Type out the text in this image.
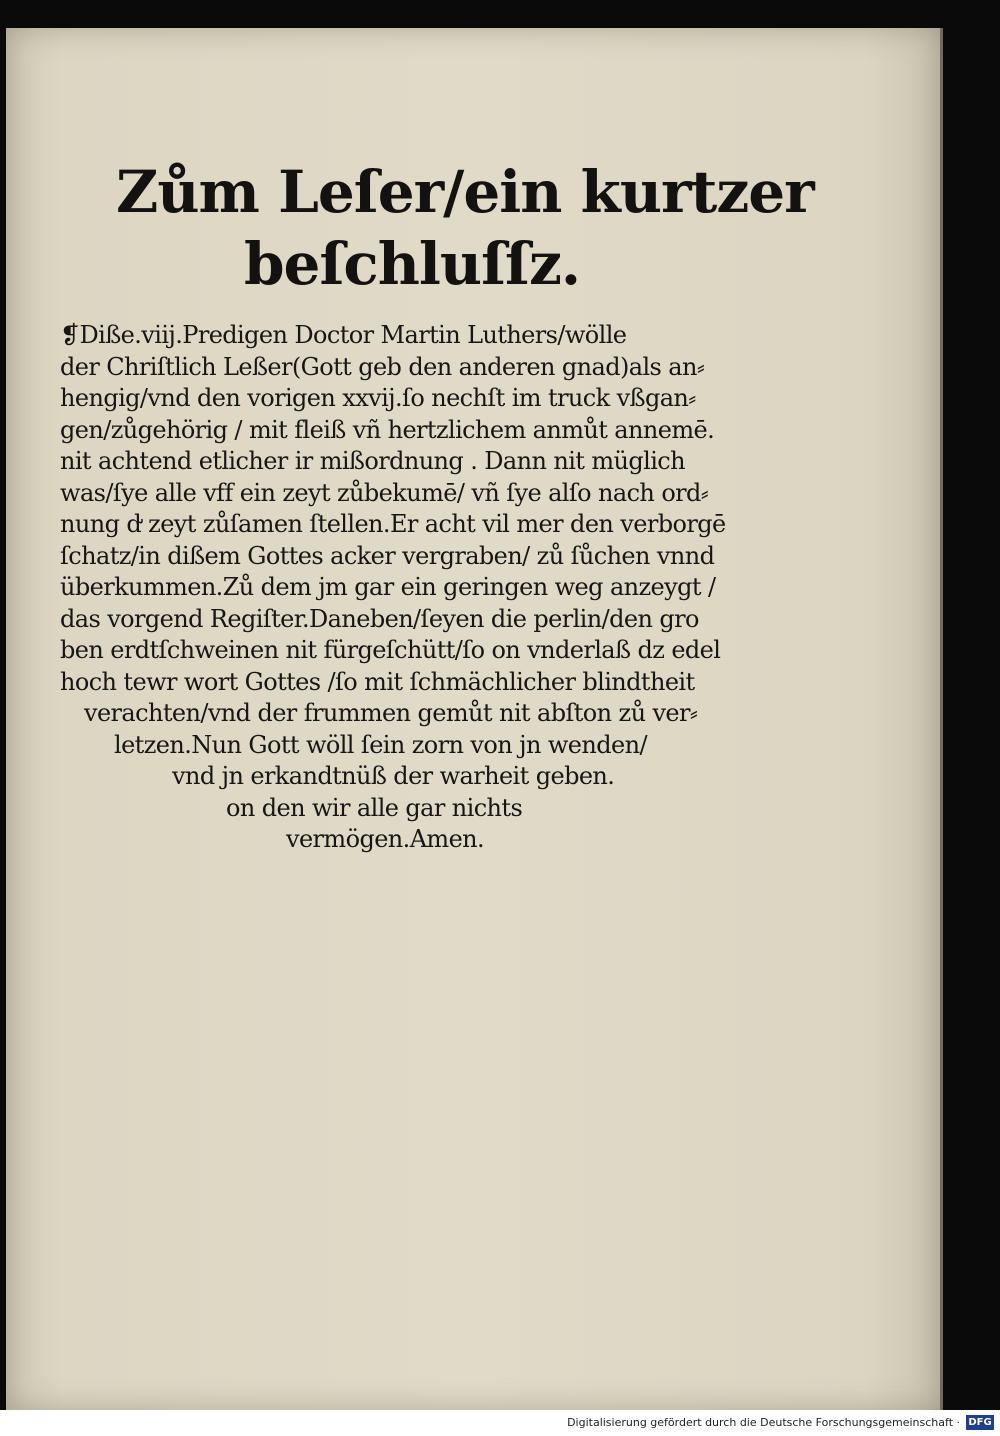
Zům Leſer/ein kurtzer
beſchluſſz.
❡Diße.viij.Predigen Doctor Martin Luthers/wölle
der Chriſtlich Leßer(Gott geb den anderen gnad)als an⸗
hengig/vnd den vorigen xxvij.ſo nechſt im truck vßgan⸗
gen/zůgehörig / mit fleiß vñ hertzlichem anmůt annemē.
nit achtend etlicher ir mißordnung . Dann nit müglich
was/ſye alle vff ein zeyt zůbekumē/ vñ ſye alſo nach ord⸗
nung d̛ zeyt zůſamen ſtellen.Er acht vil mer den verborgē
ſchatz/in dißem Gottes acker vergraben/ zů ſůchen vnnd
überkummen.Zů dem jm gar ein geringen weg anzeygt /
das vorgend Regiſter.Daneben/ſeyen die perlin/den gro
ben erdtſchweinen nit fürgeſchütt/ſo on vnderlaß dz edel
hoch tewr wort Gottes /ſo mit ſchmächlicher blindtheit
verachten/vnd der frummen gemůt nit abſton zů ver⸗
letzen.Nun Gott wöll ſein zorn von jn wenden/
vnd jn erkandtnüß der warheit geben.
on den wir alle gar nichts
vermögen.Amen.
Digitalisierung gefördert durch die Deutsche Forschungsgemeinschaft · DFG
